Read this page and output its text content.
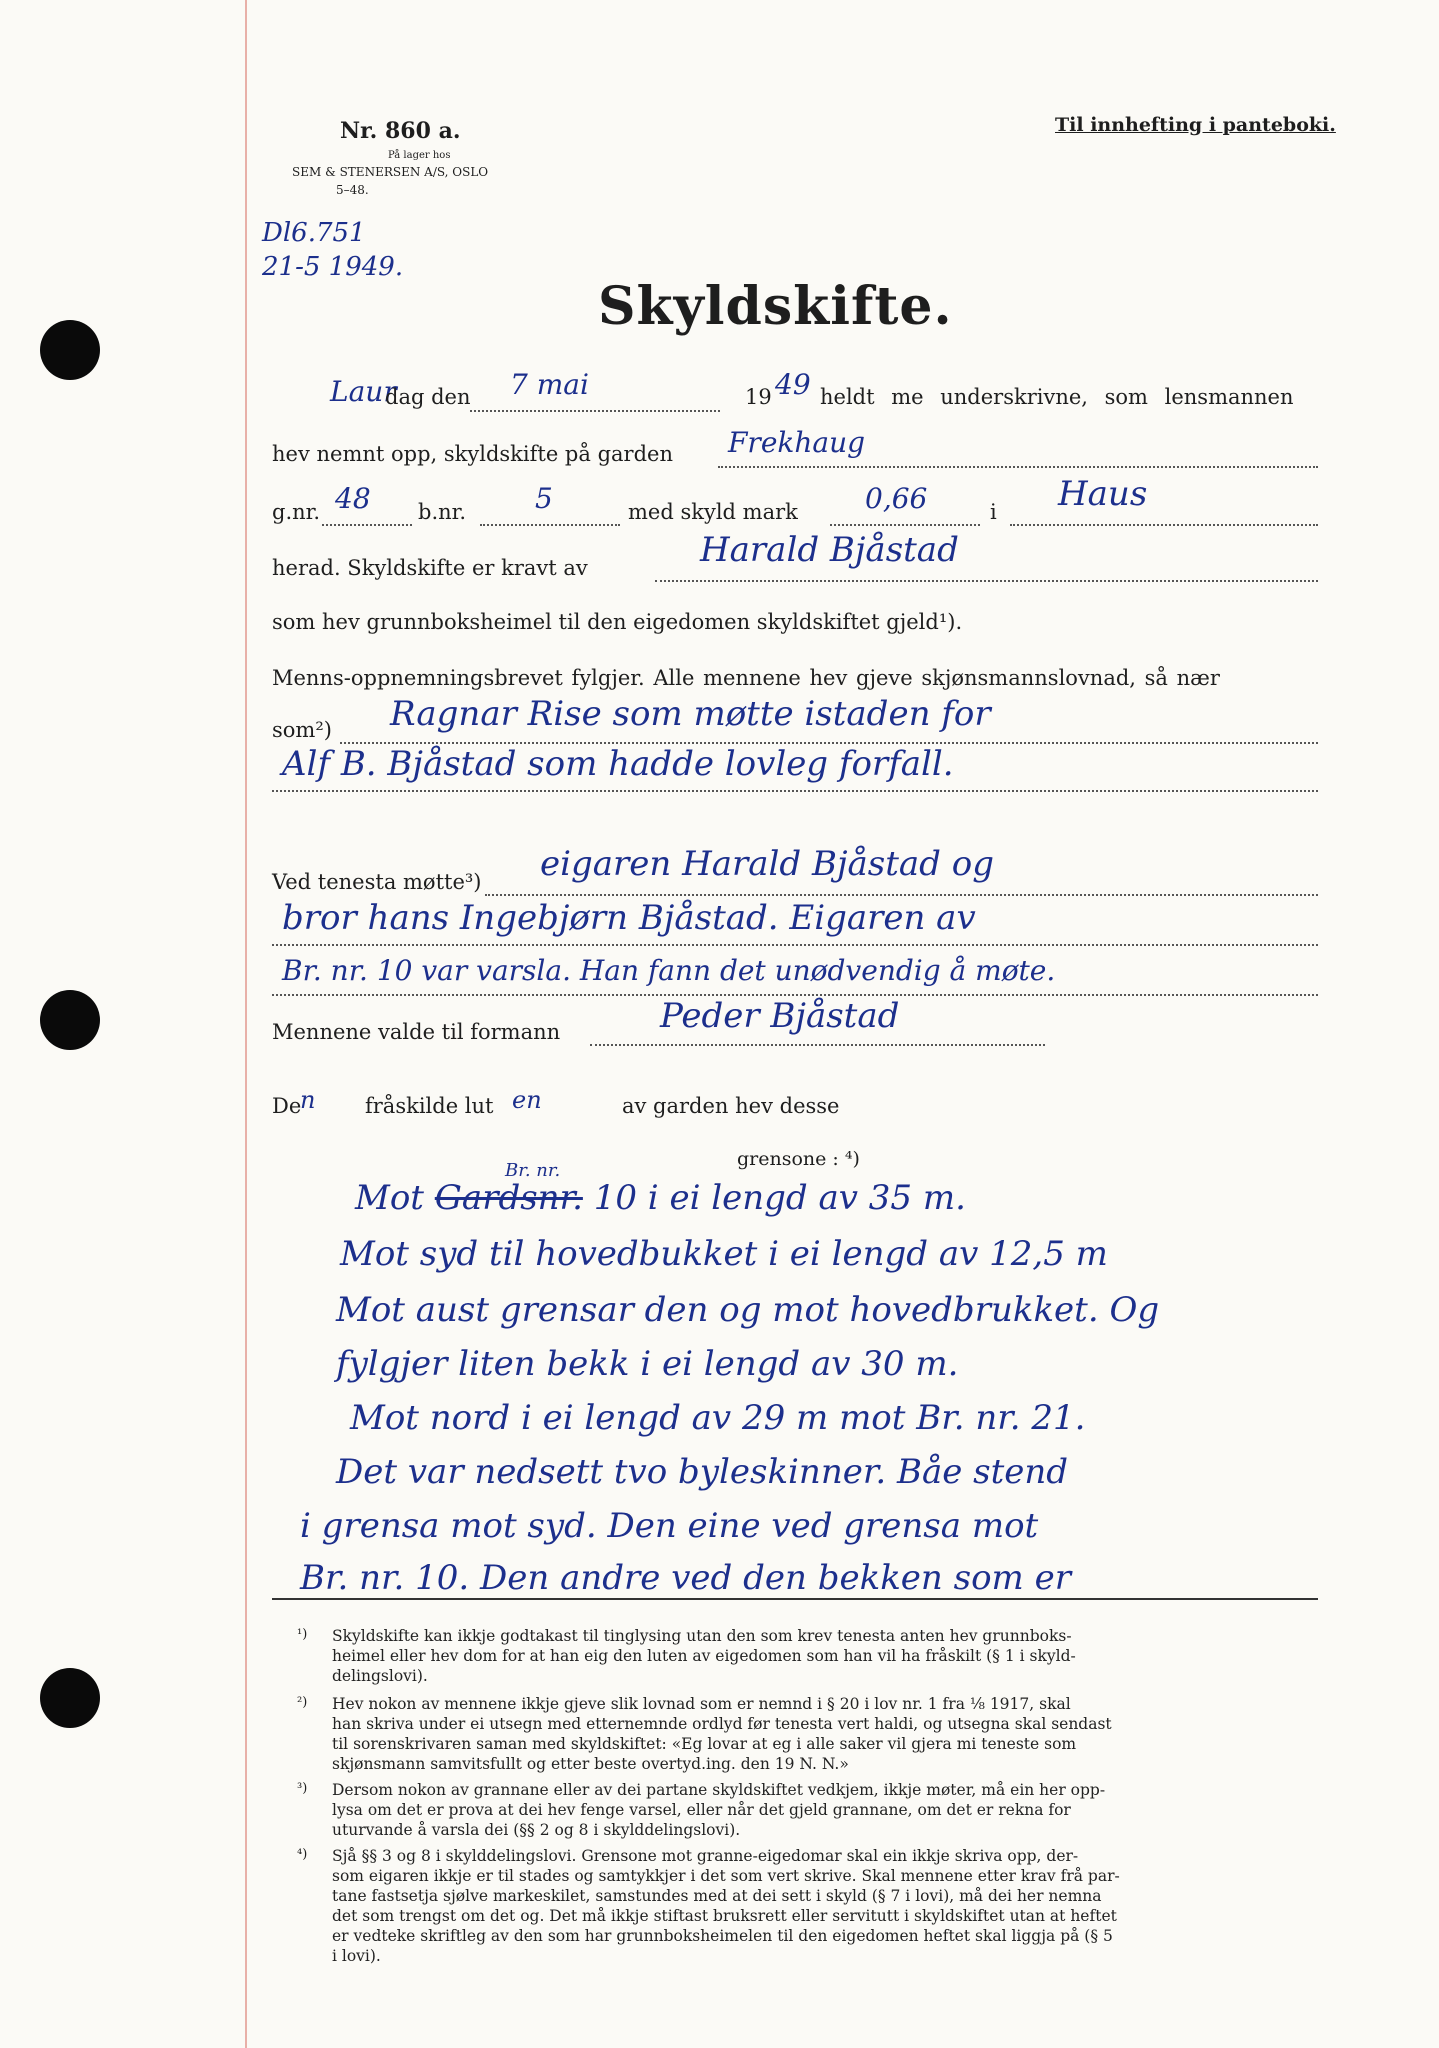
Nr. 860 a.
På lager hos
SEM & STENERSEN A/S, OSLO
5–48.
Til innhefting i panteboki.
Dl6.751
21-5 1949.
Skyldskifte.
Laur
dag den 7 mai	19 49 heldt me underskrivne, som lensmannen
hev nemnt opp, skyldskifte på garden Frekhaug
g.nr. 48 b.nr. 5	med skyld mark 0,66	i Haus
herad. Skyldskifte er kravt av	Harald Bjåstad
som hev grunnboksheimel til den eigedomen skyldskiftet gjeld¹).
Menns-oppnemningsbrevet fylgjer. Alle mennene hev gjeve skjønsmannslovnad, så nær
som²) Ragnar Rise som møtte istaden for
Alf B. Bjåstad som hadde lovleg forfall.
Ved tenesta møtte³) eigaren Harald Bjåstad og
bror hans Ingebjørn Bjåstad. Eigaren av
Br. nr. 10 var varsla. Han fann det unødvendig å møte.
Mennene valde til formann	Peder Bjåstad
De
n fråskilde lut en	av garden hev desse
grensone : ⁴)
Br. nr.
Mot Gardsnr. 10 i ei lengd av 35 m.
Mot syd til hovedbukket i ei lengd av 12,5 m
Mot aust grensar den og mot hovedbrukket. Og
fylgjer liten bekk i ei lengd av 30 m.
Mot nord i ei lengd av 29 m mot Br. nr. 21.
Det var nedsett tvo byleskinner. Båe stend
i grensa mot syd. Den eine ved grensa mot
Br. nr. 10. Den andre ved den bekken som er
¹) Skyldskifte kan ikkje godtakast til tinglysing utan den som krev tenesta anten hev grunnboks-
heimel eller hev dom for at han eig den luten av eigedomen som han vil ha fråskilt (§ 1 i skyld-
delingslovi).
²) Hev nokon av mennene ikkje gjeve slik lovnad som er nemnd i § 20 i lov nr. 1 fra ⅛ 1917, skal
han skriva under ei utsegn med etternemnde ordlyd før tenesta vert haldi, og utsegna skal sendast
til sorenskrivaren saman med skyldskiftet: «Eg lovar at eg i alle saker vil gjera mi teneste som
skjønsmann samvitsfullt og etter beste overtyd.ing. den 19 N. N.»
³) Dersom nokon av grannane eller av dei partane skyldskiftet vedkjem, ikkje møter, må ein her opp-
lysa om det er prova at dei hev fenge varsel, eller når det gjeld grannane, om det er rekna for
uturvande å varsla dei (§§ 2 og 8 i skylddelingslovi).
⁴) Sjå §§ 3 og 8 i skylddelingslovi. Grensone mot granne-eigedomar skal ein ikkje skriva opp, der-
som eigaren ikkje er til stades og samtykkjer i det som vert skrive. Skal mennene etter krav frå par-
tane fastsetja sjølve markeskilet, samstundes med at dei sett i skyld (§ 7 i lovi), må dei her nemna
det som trengst om det og. Det må ikkje stiftast bruksrett eller servitutt i skyldskiftet utan at heftet
er vedteke skriftleg av den som har grunnboksheimelen til den eigedomen heftet skal liggja på (§ 5
i lovi).
